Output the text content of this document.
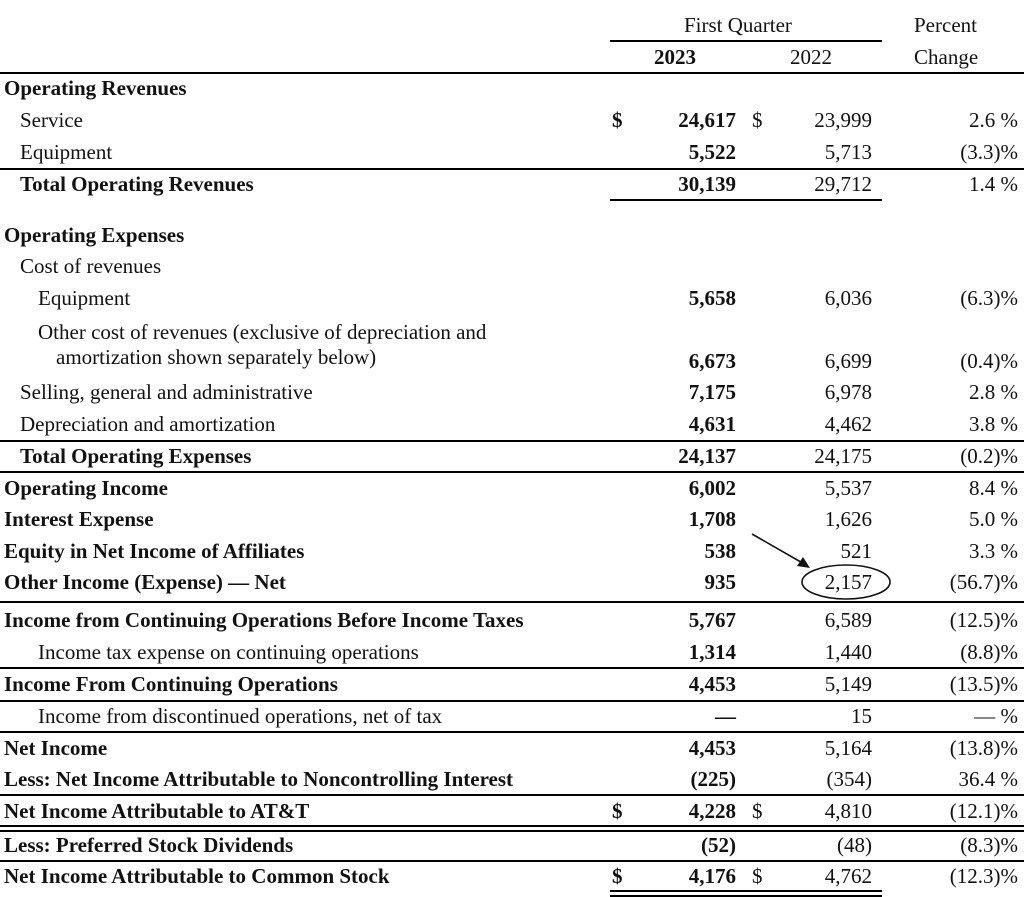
First Quarter
2023	2022
Percent
Change
Operating Revenues
Service	$	24,617 $ 23,999	2.6 %
Equipment	5,522	5,713	(3.3)%
Total Operating Revenues	30,139	29,712	1.4 %
Operating Expenses
Cost of revenues
Equipment	5,658	6,036	(6.3)%
Other cost of revenues (exclusive of depreciation and
amortization shown separately below)	6,673	6,699	(0.4)%
Selling, general and administrative	7,175	6,978	2.8 %
Depreciation and amortization	4,631	4,462	3.8 %
Total Operating Expenses	24,137	24,175	(0.2)%
Operating Income	6,002	5,537	8.4 %
Interest Expense	1,708	1,626	5.0 %
Equity in Net Income of Affiliates	538	521	3.3 %
Other Income (Expense) — Net	935	2,157	(56.7)%
Income from Continuing Operations Before Income Taxes	5,767	6,589	(12.5)%
Income tax expense on continuing operations	1,314	1,440	(8.8)%
Income From Continuing Operations	4,453	5,149	(13.5)%
Income from discontinued operations, net of tax	—	15	— %
Net Income	4,453	5,164	(13.8)%
Less: Net Income Attributable to Noncontrolling Interest	(225)	(354)	36.4 %
Net Income Attributable to AT&T	$	4,228 $	4,810	(12.1)%
Less: Preferred Stock Dividends	(52)	(48)	(8.3)%
Net Income Attributable to Common Stock	$	4,176 $	4,762	(12.3)%
